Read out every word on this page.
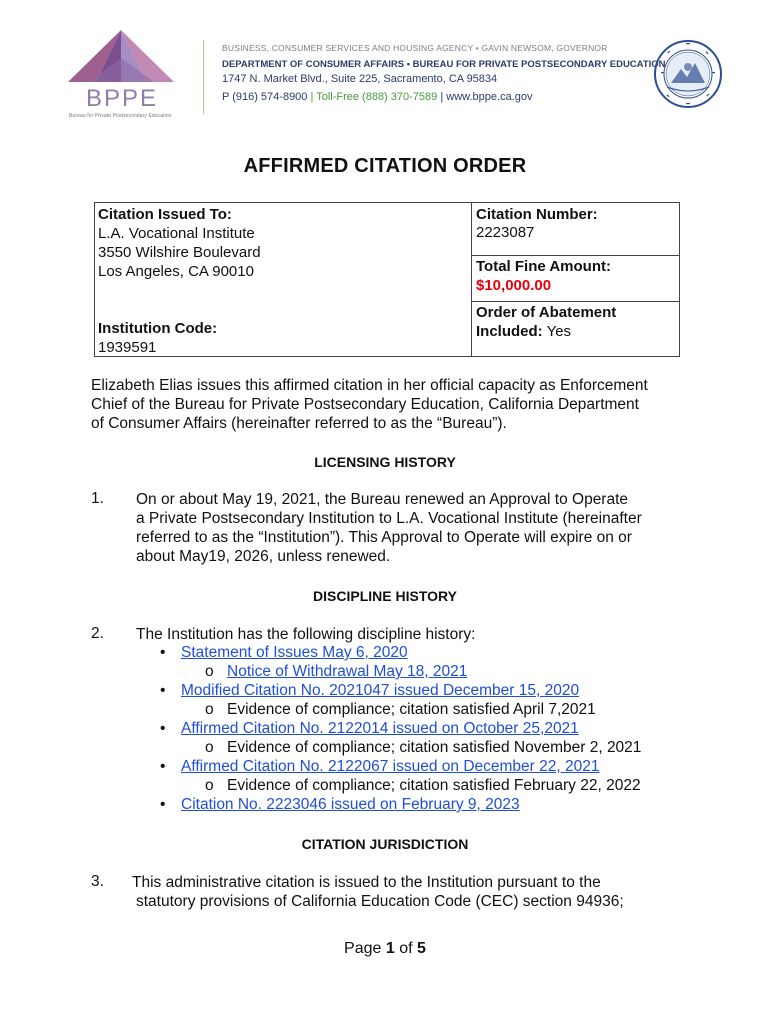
BPPE
Bureau for Private Postsecondary Education
BUSINESS, CONSUMER SERVICES AND HOUSING AGENCY • GAVIN NEWSOM, GOVERNOR
DEPARTMENT OF CONSUMER AFFAIRS • BUREAU FOR PRIVATE POSTSECONDARY EDUCATION
1747 N. Market Blvd., Suite 225, Sacramento, CA 95834
P (916) 574-8900 | Toll-Free (888) 370-7589 | www.bppe.ca.gov
AFFIRMED CITATION ORDER
Citation Issued To:
L.A. Vocational Institute
3550 Wilshire Boulevard
Los Angeles, CA 90010
Institution Code:
1939591
Citation Number:
2223087
Total Fine Amount:
$10,000.00
Order of Abatement
Included: Yes
Elizabeth Elias issues this affirmed citation in her official capacity as Enforcement
Chief of the Bureau for Private Postsecondary Education, California Department
of Consumer Affairs (hereinafter referred to as the “Bureau”).
LICENSING HISTORY
1. On or about May 19, 2021, the Bureau renewed an Approval to Operate
a Private Postsecondary Institution to L.A. Vocational Institute (hereinafter
referred to as the “Institution”). This Approval to Operate will expire on or
about May19, 2026, unless renewed.
DISCIPLINE HISTORY
2. The Institution has the following discipline history:
• Statement of Issues May 6, 2020
o Notice of Withdrawal May 18, 2021
• Modified Citation No. 2021047 issued December 15, 2020
o Evidence of compliance; citation satisfied April 7,2021
• Affirmed Citation No. 2122014 issued on October 25,2021
o Evidence of compliance; citation satisfied November 2, 2021
• Affirmed Citation No. 2122067 issued on December 22, 2021
o Evidence of compliance; citation satisfied February 22, 2022
• Citation No. 2223046 issued on February 9, 2023
CITATION JURISDICTION
3. This administrative citation is issued to the Institution pursuant to the
statutory provisions of California Education Code (CEC) section 94936;
Page 1 of 5
